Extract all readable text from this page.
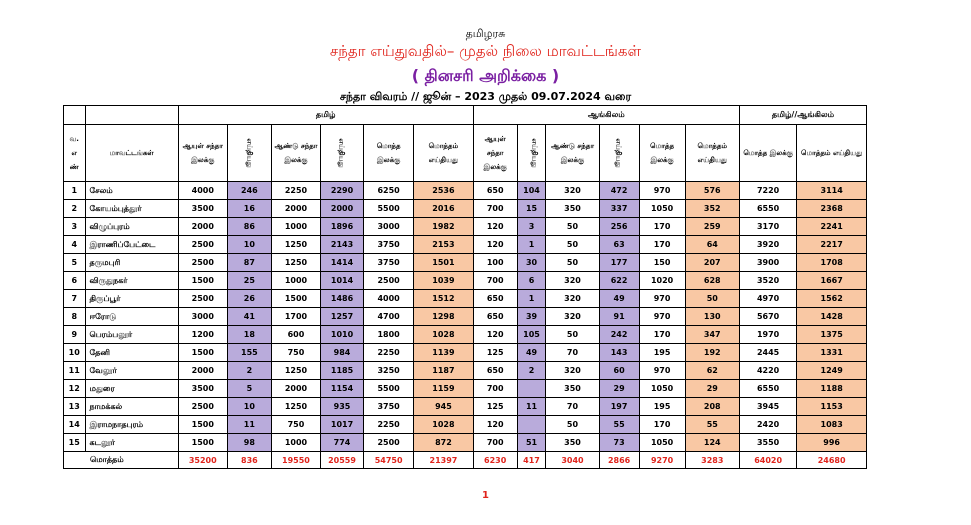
தமிழரசு
சந்தா எய்துவதில்– முதல் நிலை மாவட்டங்கள்
( தினசரி அறிக்கை )
சந்தா விவரம் // ஜூன் – 2023 முதல் 09.07.2024 வரை
		தமிழ்						ஆங்கிலம்						தமிழ்//ஆங்கிலம்	
வ. எ ண்	மாவட்டங்கள்	ஆயுள் சந்தா இலக்கு	எய்தியது	ஆண்டு சந்தா இலக்கு	எய்தியது	மொத்த இலக்கு	மொத்தம் எய்தியது	ஆயுள் சந்தா இலக்கு	எய்தியது	ஆண்டு சந்தா இலக்கு	எய்தியது	மொத்த இலக்கு	மொத்தம் எய்தியது	மொத்த இலக்கு	மொத்தம் எய்தியது
1	சேலம்	4000	246	2250	2290	6250	2536	650	104	320	472	970	576	7220	3114
2	கோயம்புத்தூர்	3500	16	2000	2000	5500	2016	700	15	350	337	1050	352	6550	2368
3	விழுப்புரம்	2000	86	1000	1896	3000	1982	120	3	50	256	170	259	3170	2241
4	இராணிப்பேட்டை	2500	10	1250	2143	3750	2153	120	1	50	63	170	64	3920	2217
5	தருமபுரி	2500	87	1250	1414	3750	1501	100	30	50	177	150	207	3900	1708
6	விருதுநகர்	1500	25	1000	1014	2500	1039	700	6	320	622	1020	628	3520	1667
7	திருப்பூர்	2500	26	1500	1486	4000	1512	650	1	320	49	970	50	4970	1562
8	ஈரோடு	3000	41	1700	1257	4700	1298	650	39	320	91	970	130	5670	1428
9	பெரம்பலூர்	1200	18	600	1010	1800	1028	120	105	50	242	170	347	1970	1375
10	தேனி	1500	155	750	984	2250	1139	125	49	70	143	195	192	2445	1331
11	வேலூர்	2000	2	1250	1185	3250	1187	650	2	320	60	970	62	4220	1249
12	மதுரை	3500	5	2000	1154	5500	1159	700		350	29	1050	29	6550	1188
13	நாமக்கல்	2500	10	1250	935	3750	945	125	11	70	197	195	208	3945	1153
14	இராமநாதபுரம்	1500	11	750	1017	2250	1028	120		50	55	170	55	2420	1083
15	கடலூர்	1500	98	1000	774	2500	872	700	51	350	73	1050	124	3550	996
மொத்தம்		35200	836	19550	20559	54750	21397	6230	417	3040	2866	9270	3283	64020	24680
1
